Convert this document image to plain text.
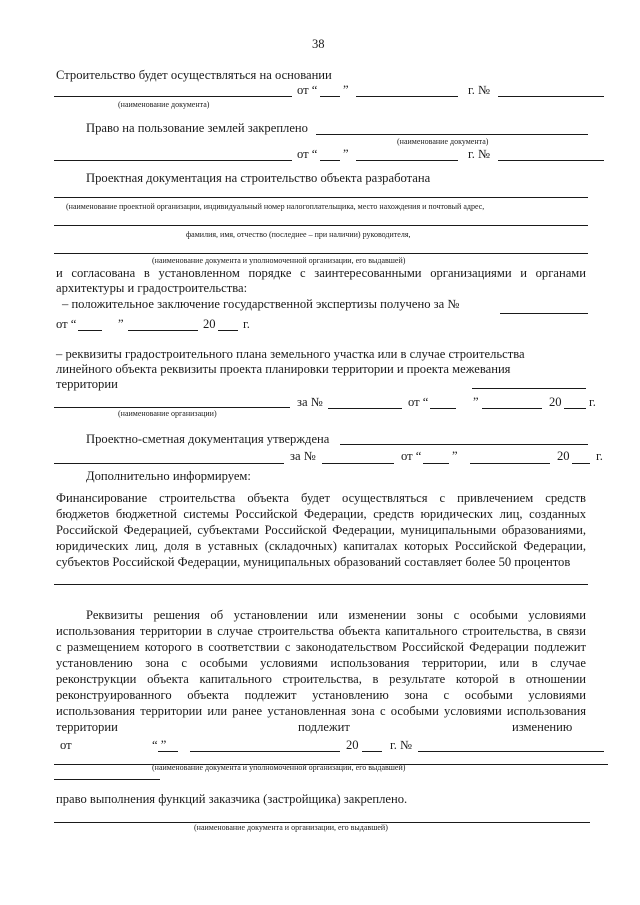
38
Строительство будет осуществляться на основании
от “ ”	г. №
(наименование документа)
Право на пользование землей закреплено
(наименование документа)
от “ ”	г. №
Проектная документация на строительство объекта разработана
(наименование проектной организации, индивидуальный номер налогоплательщика, место нахождения и почтовый адрес,
фамилия, имя, отчество (последнее – при наличии) руководителя,
(наименование документа и уполномоченной организации, его выдавшей)
и согласована в установленном порядке с заинтересованными организациями и органами
архитектуры и градостроительства:
– положительное заключение государственной экспертизы получено за №
от “	”	20 г.
– реквизиты градостроительного плана земельного участка или в случае строительства
линейного объекта реквизиты проекта планировки территории и проекта межевания
территории
за №	от “	”	20 г.
(наименование организации)
Проектно-сметная документация утверждена
за №	от “ ”	20 г.
Дополнительно информируем:
Финансирование строительства объекта будет осуществляться с привлечением средств
бюджетов бюджетной системы Российской Федерации, средств юридических лиц, созданных
Российской Федерацией, субъектами Российской Федерации, муниципальными образованиями,
юридических лиц, доля в уставных (складочных) капиталах которых Российской Федерации,
субъектов Российской Федерации, муниципальных образований составляет более 50 процентов
Реквизиты решения об установлении или изменении зоны с особыми условиями
использования территории в случае строительства объекта капитального строительства, в связи
с размещением которого в соответствии с законодательством Российской Федерации подлежит
установлению зона с особыми условиями использования территории, или в случае
реконструкции объекта капитального строительства, в результате которой в отношении
реконструированного объекта подлежит установлению зона с особыми условиями
использования территории или ранее установленная зона с особыми условиями использования
территории	подлежит	изменению
от	“ ”	20 г. №
(наименование документа и уполномоченной организации, его выдавшей)
право выполнения функций заказчика (застройщика) закреплено.
(наименование документа и организации, его выдавшей)
